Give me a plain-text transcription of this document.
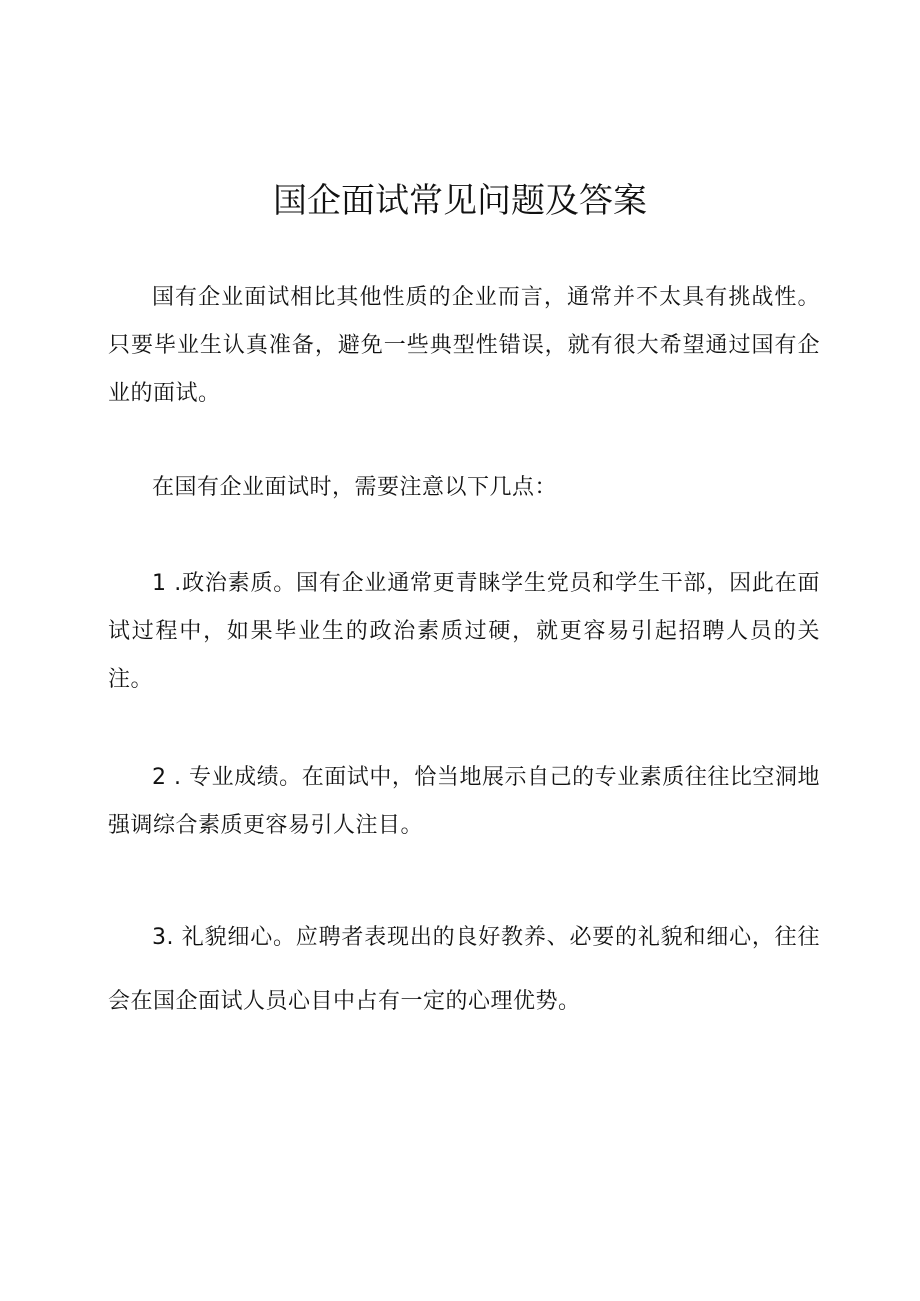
国企面试常见问题及答案

国有企业面试相比其他性质的企业而言，通常并不太具有挑战性。只要毕业生认真准备，避免一些典型性错误，就有很大希望通过国有企业的面试。

在国有企业面试时，需要注意以下几点：

1 .政治素质。国有企业通常更青睐学生党员和学生干部，因此在面试过程中，如果毕业生的政治素质过硬，就更容易引起招聘人员的关注。

2 . 专业成绩。在面试中，恰当地展示自己的专业素质往往比空洞地强调综合素质更容易引人注目。

3. 礼貌细心。应聘者表现出的良好教养、必要的礼貌和细心，往往会在国企面试人员心目中占有一定的心理优势。
